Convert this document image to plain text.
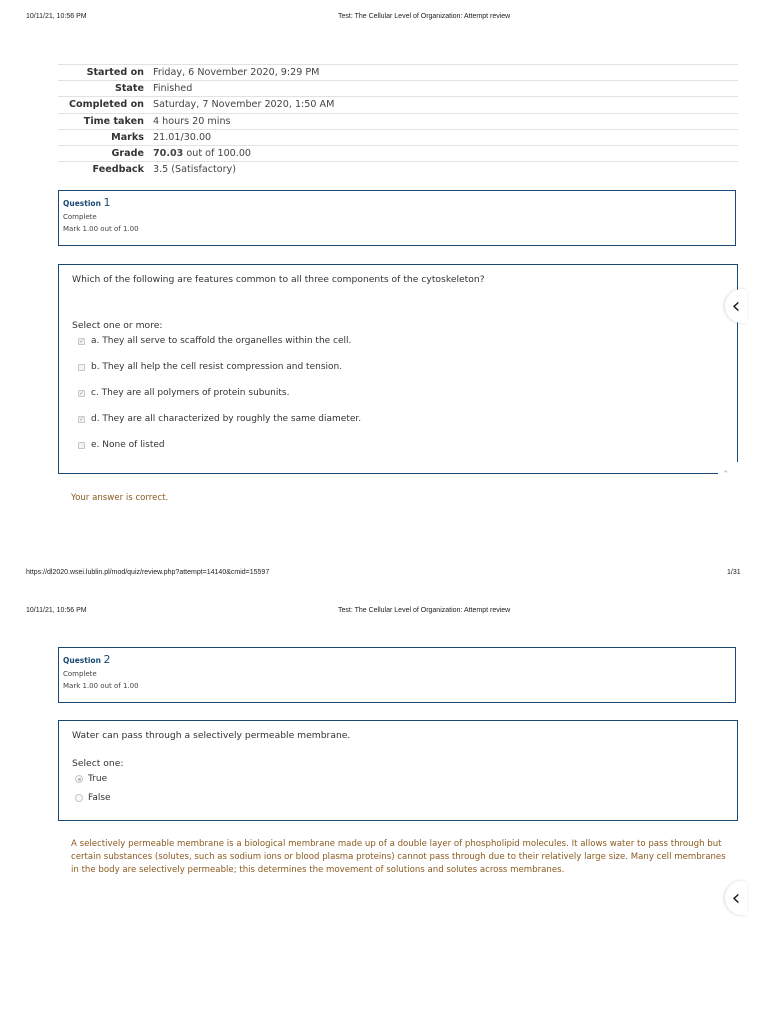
10/11/21, 10:56 PM	Test: The Cellular Level of Organization: Attempt review
Started on Friday, 6 November 2020, 9:29 PM
State Finished
Completed on Saturday, 7 November 2020, 1:50 AM
Time taken 4 hours 20 mins
Marks 21.01/30.00
Grade 70.03 out of 100.00
Feedback 3.5 (Satisfactory)
Question 1
Complete
Mark 1.00 out of 1.00
Which of the following are features common to all three components of the cytoskeleton?
Select one or more:
✓ a. They all serve to scaffold the organelles within the cell.
b. They all help the cell resist compression and tension.
✓ c. They are all polymers of protein subunits.
✓ d. They are all characterized by roughly the same diameter.
e. None of listed
⌃
‹
Your answer is correct.
https://dl2020.wsei.lublin.pl/mod/quiz/review.php?attempt=14140&cmid=15597	1/31
10/11/21, 10:56 PM	Test: The Cellular Level of Organization: Attempt review
Question 2
Complete
Mark 1.00 out of 1.00
Water can pass through a selectively permeable membrane.
Select one:
True
False
A selectively permeable membrane is a biological membrane made up of a double layer of phospholipid molecules. It allows water to pass through but certain substances (solutes, such as sodium ions or blood plasma proteins) cannot pass through due to their relatively large size. Many cell membranes in the body are selectively permeable; this determines the movement of solutions and solutes across membranes.
‹
